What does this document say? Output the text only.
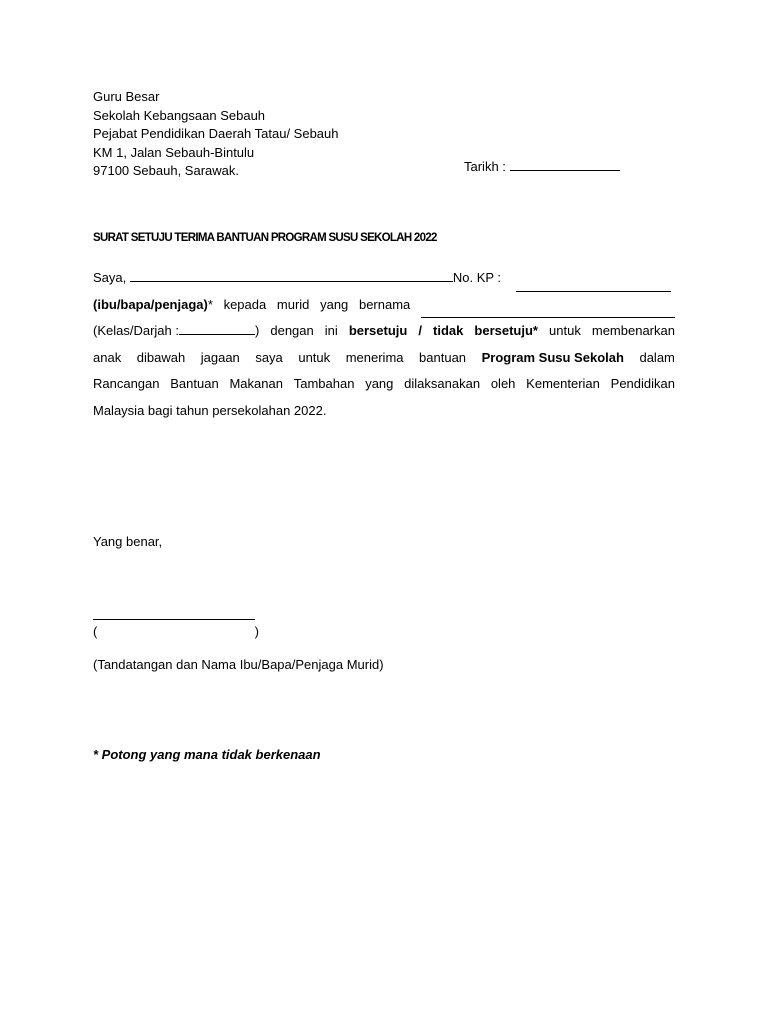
Guru Besar
Sekolah Kebangsaan Sebauh
Pejabat Pendidikan Daerah Tatau/ Sebauh
KM 1, Jalan Sebauh-Bintulu
97100 Sebauh, Sarawak.	Tarikh :
SURAT SETUJU TERIMA BANTUAN PROGRAM SUSU SEKOLAH 2022
Saya,	No. KP :
(ibu/bapa/penjaga)* kepada murid yang bernama
(Kelas/Darjah :	) dengan ini bersetuju / tidak bersetuju* untuk membenarkan
anak dibawah jagaan saya untuk menerima bantuan Program Susu Sekolah dalam
Rancangan Bantuan Makanan Tambahan yang dilaksanakan oleh Kementerian Pendidikan
Malaysia bagi tahun persekolahan 2022.
Yang benar,
(	)
(Tandatangan dan Nama Ibu/Bapa/Penjaga Murid)
* Potong yang mana tidak berkenaan
